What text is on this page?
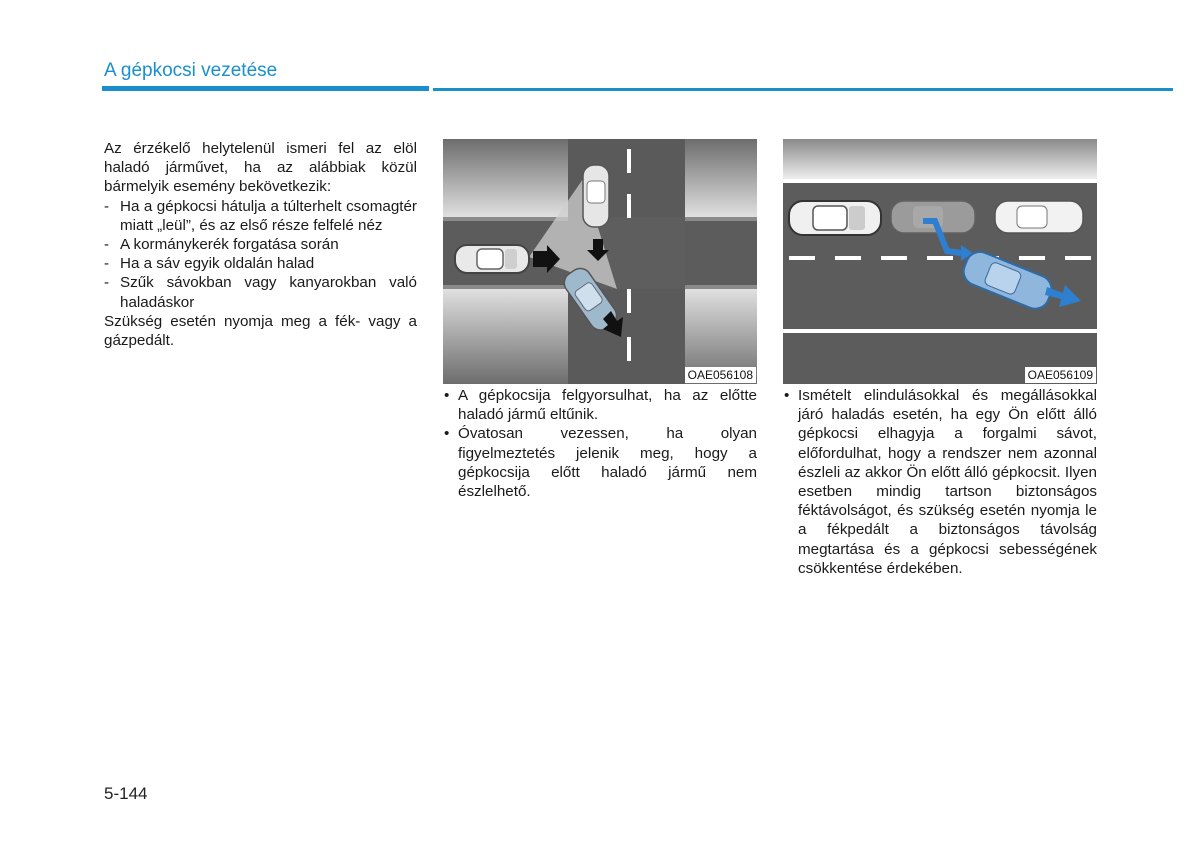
A gépkocsi vezetése

Az érzékelő helytelenül ismeri fel az elöl haladó járművet, ha az alábbiak közül bármelyik esemény bekövetkezik:

- Ha a gépkocsi hátulja a túlterhelt csomagtér miatt „leül”, és az első része felfelé néz
- A kormánykerék forgatása során
- Ha a sáv egyik oldalán halad
- Szűk sávokban vagy kanyarokban való haladáskor

Szükség esetén nyomja meg a fék- vagy a gázpedált.

OAE056108	OAE056109
• A gépkocsija felgyorsulhat, ha az előtte haladó jármű eltűnik.
• Óvatosan vezessen, ha olyan figyelmeztetés jelenik meg, hogy a gépkocsija előtt haladó jármű nem észlelhető.
• Ismételt elindulásokkal és megállásokkal járó haladás esetén, ha egy Ön előtt álló gépkocsi elhagyja a forgalmi sávot, előfordulhat, hogy a rendszer nem azonnal észleli az akkor Ön előtt álló gépkocsit. Ilyen esetben mindig tartson biztonságos féktávolságot, és szükség esetén nyomja le a fékpedált a biztonságos távolság megtartása és a gépkocsi sebességének csökkentése érdekében.
5-144
